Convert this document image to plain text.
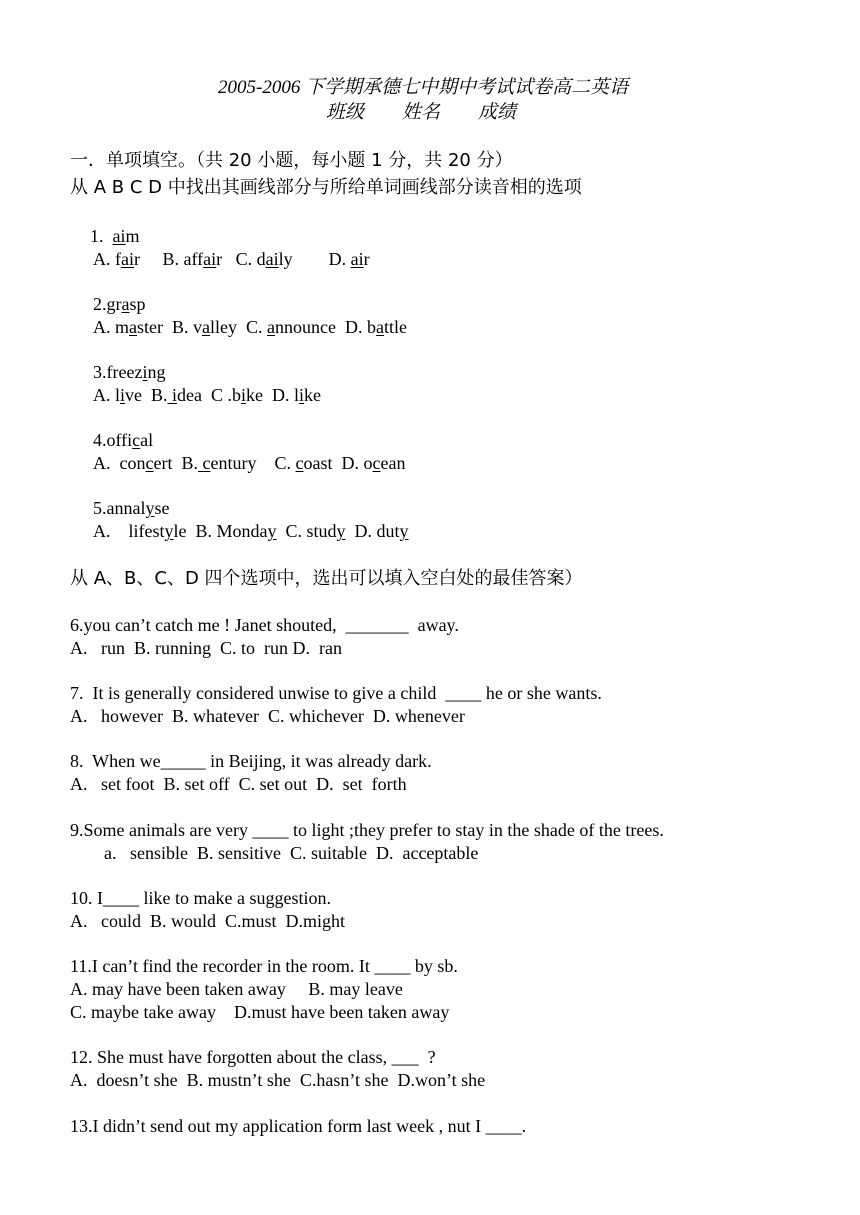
2005-2006 下学期承德七中期中考试试卷高二英语
班级        姓名        成绩
一．单项填空。（共 20 小题，每小题 1 分，共 20 分）
从 A B C D 中找出其画线部分与所给单词画线部分读音相的选项
1.  aim
A. fair     B. affair   C. daily        D. air
2.grasp
A. master  B. valley  C. announce  D. battle
3.freezing
A. live  B. idea  C .bike  D. like
4.offical
A.  concert  B. century    C. coast  D. ocean
5.annalyse
A.    lifestyle  B. Monday  C. study  D. duty
从 A、B、C、D 四个选项中，选出可以填入空白处的最佳答案）
6.you can’t catch me ! Janet shouted,  _______  away.
A.   run  B. running  C. to  run D.  ran
7.  It is generally considered unwise to give a child  ____ he or she wants.
A.   however  B. whatever  C. whichever  D. whenever
8.  When we_____ in Beijing, it was already dark.
A.   set foot  B. set off  C. set out  D.  set  forth
9.Some animals are very ____ to light ;they prefer to stay in the shade of the trees.
a.   sensible  B. sensitive  C. suitable  D.  acceptable
10. I____ like to make a suggestion.
A.   could  B. would  C.must  D.might
11.I can’t find the recorder in the room. It ____ by sb.
A. may have been taken away     B. may leave
C. maybe take away    D.must have been taken away
12. She must have forgotten about the class, ___  ?
A.  doesn’t she  B. mustn’t she  C.hasn’t she  D.won’t she
13.I didn’t send out my application form last week , nut I ____.
